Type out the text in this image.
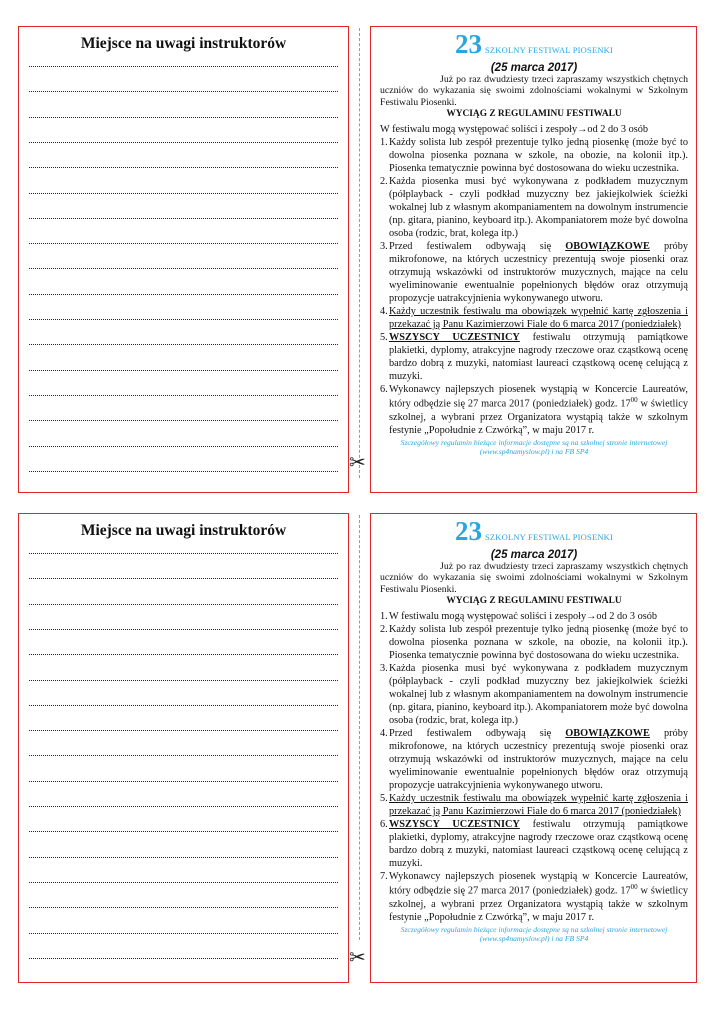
Miejsce na uwagi instruktorów
✂
23 SZKOLNY FESTIWAL PIOSENKI
(25 marca 2017)
Już po raz dwudziesty trzeci zapraszamy wszystkich chętnych uczniów do wykazania się swoimi zdolnościami wokalnymi w Szkolnym Festiwalu Piosenki.
WYCIĄG Z REGULAMINU FESTIWALU
W festiwalu mogą występować soliści i zespoły→od 2 do 3 osób
1. Każdy solista lub zespół prezentuje tylko jedną piosenkę (może być to dowolna piosenka poznana w szkole, na obozie, na kolonii itp.). Piosenka tematycznie powinna być dostosowana do wieku uczestnika.
2. Każda piosenka musi być wykonywana z podkładem muzycznym (półplayback - czyli podkład muzyczny bez jakiejkolwiek ścieżki wokalnej lub z własnym akompaniamentem na dowolnym instrumencie (np. gitara, pianino, keyboard itp.). Akompaniatorem może być dowolna osoba (rodzic, brat, kolega itp.)
3. Przed festiwalem odbywają się OBOWIĄZKOWE próby mikrofonowe, na których uczestnicy prezentują swoje piosenki oraz otrzymują wskazówki od instruktorów muzycznych, mające na celu wyeliminowanie ewentualnie popełnionych błędów oraz otrzymują propozycje uatrakcyjnienia wykonywanego utworu.
4. Każdy uczestnik festiwalu ma obowiązek wypełnić kartę zgłoszenia i przekazać ją Panu Kazimierzowi Fiale do 6 marca 2017 (poniedziałek)
5. WSZYSCY UCZESTNICY festiwalu otrzymują pamiątkowe plakietki, dyplomy, atrakcyjne nagrody rzeczowe oraz cząstkową ocenę bardzo dobrą z muzyki, natomiast laureaci cząstkową ocenę celującą z muzyki.
6. Wykonawcy najlepszych piosenek wystąpią w Koncercie Laureatów, który odbędzie się 27 marca 2017 (poniedziałek) godz. $17^{00}$ w świetlicy szkolnej, a wybrani przez Organizatora wystąpią także w szkolnym festynie „Popołudnie z Czwórką”, w maju 2017 r.
Szczegółowy regulamin bieżące informacje dostępne są na szkolnej stronie internetowej
(www.sp4namyslow.pl) i na FB SP4
Miejsce na uwagi instruktorów
✂
23 SZKOLNY FESTIWAL PIOSENKI
(25 marca 2017)
Już po raz dwudziesty trzeci zapraszamy wszystkich chętnych uczniów do wykazania się swoimi zdolnościami wokalnymi w Szkolnym Festiwalu Piosenki.
WYCIĄG Z REGULAMINU FESTIWALU
1. W festiwalu mogą występować soliści i zespoły→od 2 do 3 osób
2. Każdy solista lub zespół prezentuje tylko jedną piosenkę (może być to dowolna piosenka poznana w szkole, na obozie, na kolonii itp.). Piosenka tematycznie powinna być dostosowana do wieku uczestnika.
3. Każda piosenka musi być wykonywana z podkładem muzycznym (półplayback - czyli podkład muzyczny bez jakiejkolwiek ścieżki wokalnej lub z własnym akompaniamentem na dowolnym instrumencie (np. gitara, pianino, keyboard itp.). Akompaniatorem może być dowolna osoba (rodzic, brat, kolega itp.)
4. Przed festiwalem odbywają się OBOWIĄZKOWE próby mikrofonowe, na których uczestnicy prezentują swoje piosenki oraz otrzymują wskazówki od instruktorów muzycznych, mające na celu wyeliminowanie ewentualnie popełnionych błędów oraz otrzymują propozycje uatrakcyjnienia wykonywanego utworu.
5. Każdy uczestnik festiwalu ma obowiązek wypełnić kartę zgłoszenia i przekazać ją Panu Kazimierzowi Fiale do 6 marca 2017 (poniedziałek)
6. WSZYSCY UCZESTNICY festiwalu otrzymują pamiątkowe plakietki, dyplomy, atrakcyjne nagrody rzeczowe oraz cząstkową ocenę bardzo dobrą z muzyki, natomiast laureaci cząstkową ocenę celującą z muzyki.
7. Wykonawcy najlepszych piosenek wystąpią w Koncercie Laureatów, który odbędzie się 27 marca 2017 (poniedziałek) godz. $17^{00}$ w świetlicy szkolnej, a wybrani przez Organizatora wystąpią także w szkolnym festynie „Popołudnie z Czwórką”, w maju 2017 r.
Szczegółowy regulamin bieżące informacje dostępne są na szkolnej stronie internetowej
(www.sp4namyslow.pl) i na FB SP4
